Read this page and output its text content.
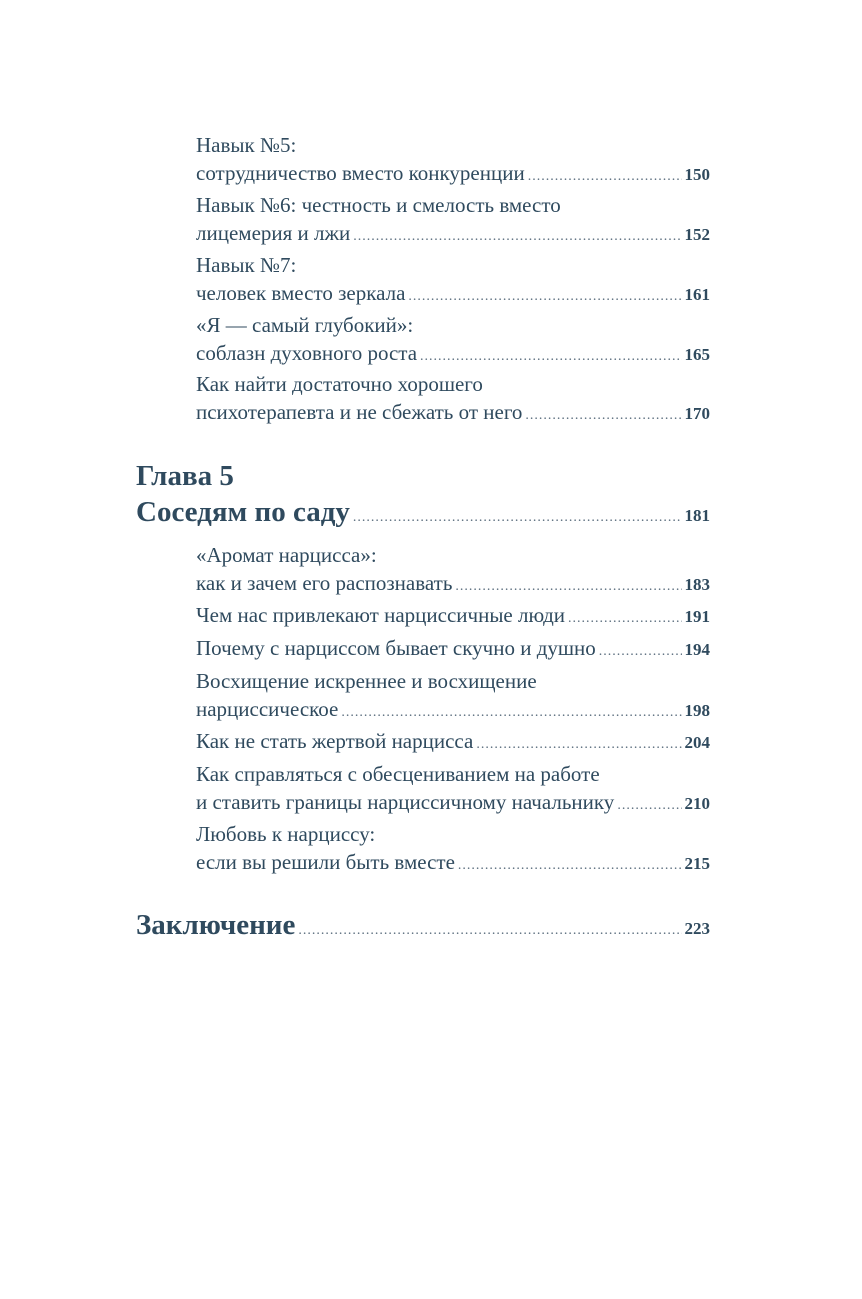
Навык №5:
сотрудничество вместо конкуренции .....	150
Навык №6: честность и смелость вместо
лицемерия и лжи .....	152
Навык №7:
человек вместо зеркала .....	161
«Я — самый глубокий»:
соблазн духовного роста .....	165
Как найти достаточно хорошего
психотерапевта и не сбежать от него .....	170
Глава 5
Соседям по саду .....	181
«Аромат нарцисса»:
как и зачем его распознавать .....	183
Чем нас привлекают нарциссичные люди .....	191
Почему с нарциссом бывает скучно и душно .....	194
Восхищение искреннее и восхищение
нарциссическое .....	198
Как не стать жертвой нарцисса .....	204
Как справляться с обесцениванием на работе
и ставить границы нарциссичному начальнику .....	210
Любовь к нарциссу:
если вы решили быть вместе .....	215
Заключение .....	223
